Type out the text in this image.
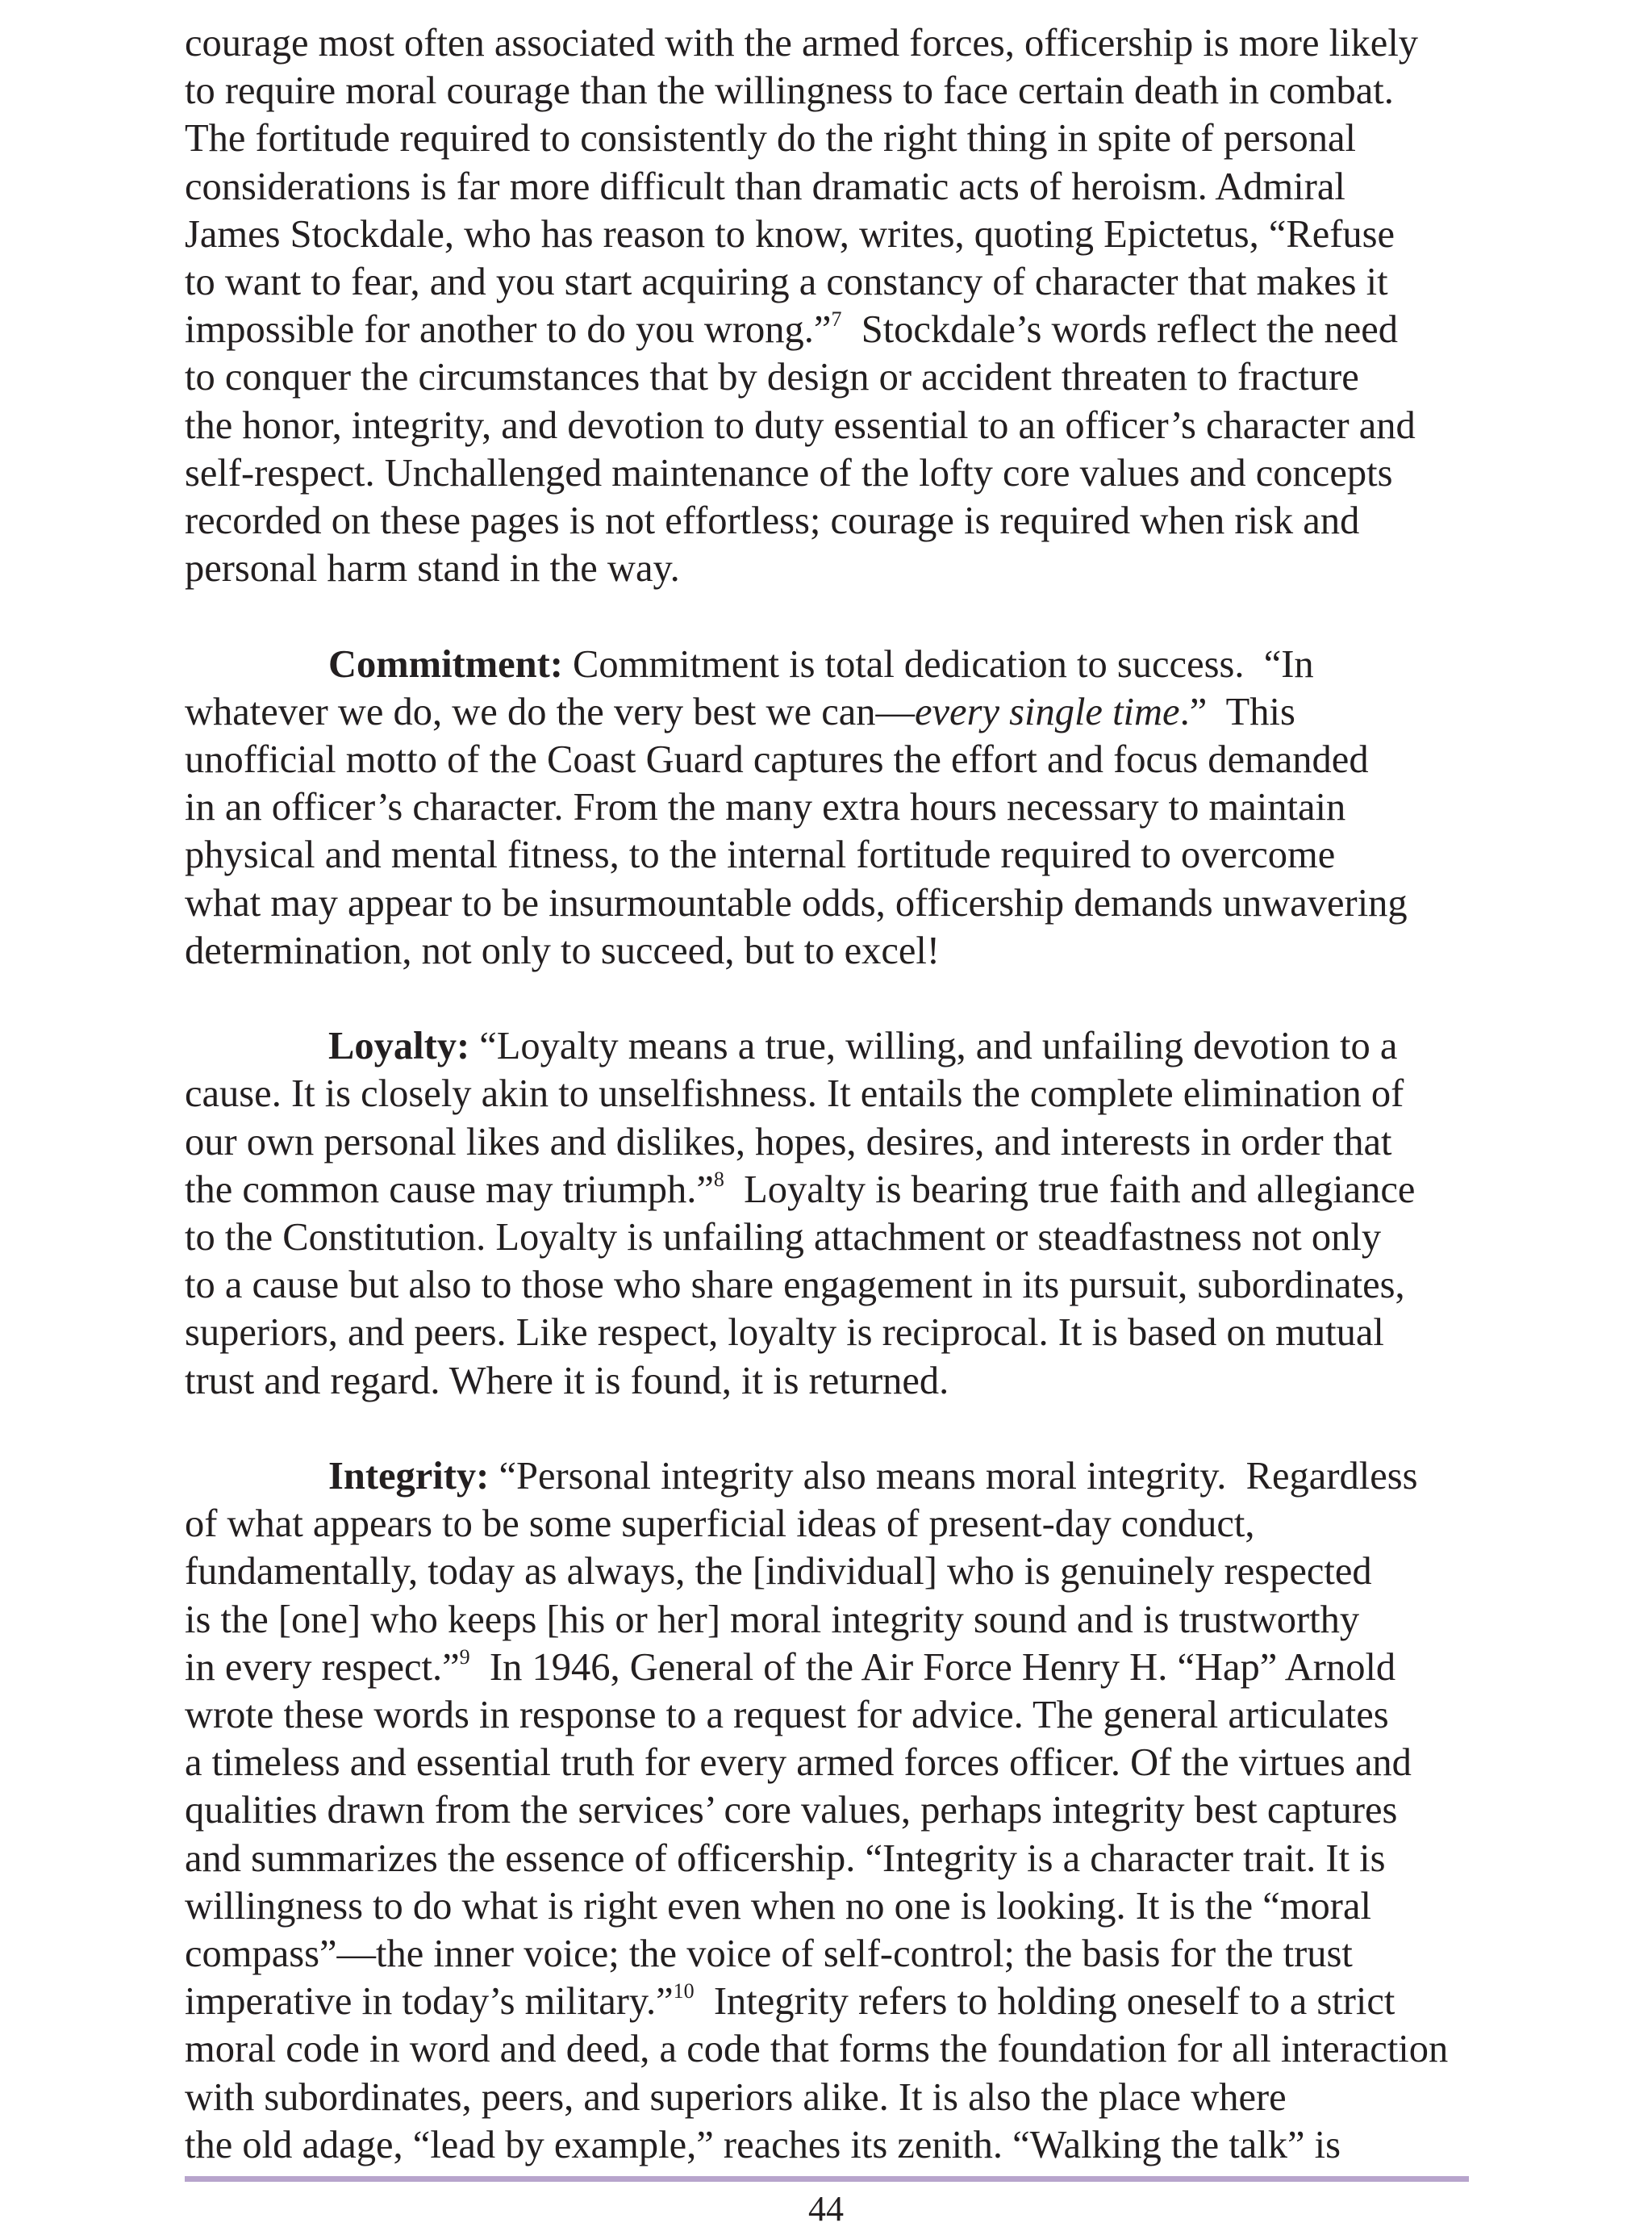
courage most often associated with the armed forces, officership is more likely
to require moral courage than the willingness to face certain death in combat.
The fortitude required to consistently do the right thing in spite of personal
considerations is far more difficult than dramatic acts of heroism. Admiral
James Stockdale, who has reason to know, writes, quoting Epictetus, “Refuse
to want to fear, and you start acquiring a constancy of character that makes it
impossible for another to do you wrong.”$^7$  Stockdale’s words reflect the need
to conquer the circumstances that by design or accident threaten to fracture
the honor, integrity, and devotion to duty essential to an officer’s character and
self-respect. Unchallenged maintenance of the lofty core values and concepts
recorded on these pages is not effortless; courage is required when risk and
personal harm stand in the way.

Commitment: Commitment is total dedication to success.  “In
whatever we do, we do the very best we can—every single time.”  This
unofficial motto of the Coast Guard captures the effort and focus demanded
in an officer’s character. From the many extra hours necessary to maintain
physical and mental fitness, to the internal fortitude required to overcome
what may appear to be insurmountable odds, officership demands unwavering
determination, not only to succeed, but to excel!

Loyalty: “Loyalty means a true, willing, and unfailing devotion to a
cause. It is closely akin to unselfishness. It entails the complete elimination of
our own personal likes and dislikes, hopes, desires, and interests in order that
the common cause may triumph.”$^8$  Loyalty is bearing true faith and allegiance
to the Constitution. Loyalty is unfailing attachment or steadfastness not only
to a cause but also to those who share engagement in its pursuit, subordinates,
superiors, and peers. Like respect, loyalty is reciprocal. It is based on mutual
trust and regard. Where it is found, it is returned.

Integrity: “Personal integrity also means moral integrity.  Regardless
of what appears to be some superficial ideas of present-day conduct,
fundamentally, today as always, the [individual] who is genuinely respected
is the [one] who keeps [his or her] moral integrity sound and is trustworthy
in every respect.”$^9$  In 1946, General of the Air Force Henry H. “Hap” Arnold
wrote these words in response to a request for advice. The general articulates
a timeless and essential truth for every armed forces officer. Of the virtues and
qualities drawn from the services’ core values, perhaps integrity best captures
and summarizes the essence of officership. “Integrity is a character trait. It is
willingness to do what is right even when no one is looking. It is the “moral
compass”—the inner voice; the voice of self-control; the basis for the trust
imperative in today’s military.”$^{10}$  Integrity refers to holding oneself to a strict
moral code in word and deed, a code that forms the foundation for all interaction
with subordinates, peers, and superiors alike. It is also the place where
the old adage, “lead by example,” reaches its zenith. “Walking the talk” is

44
